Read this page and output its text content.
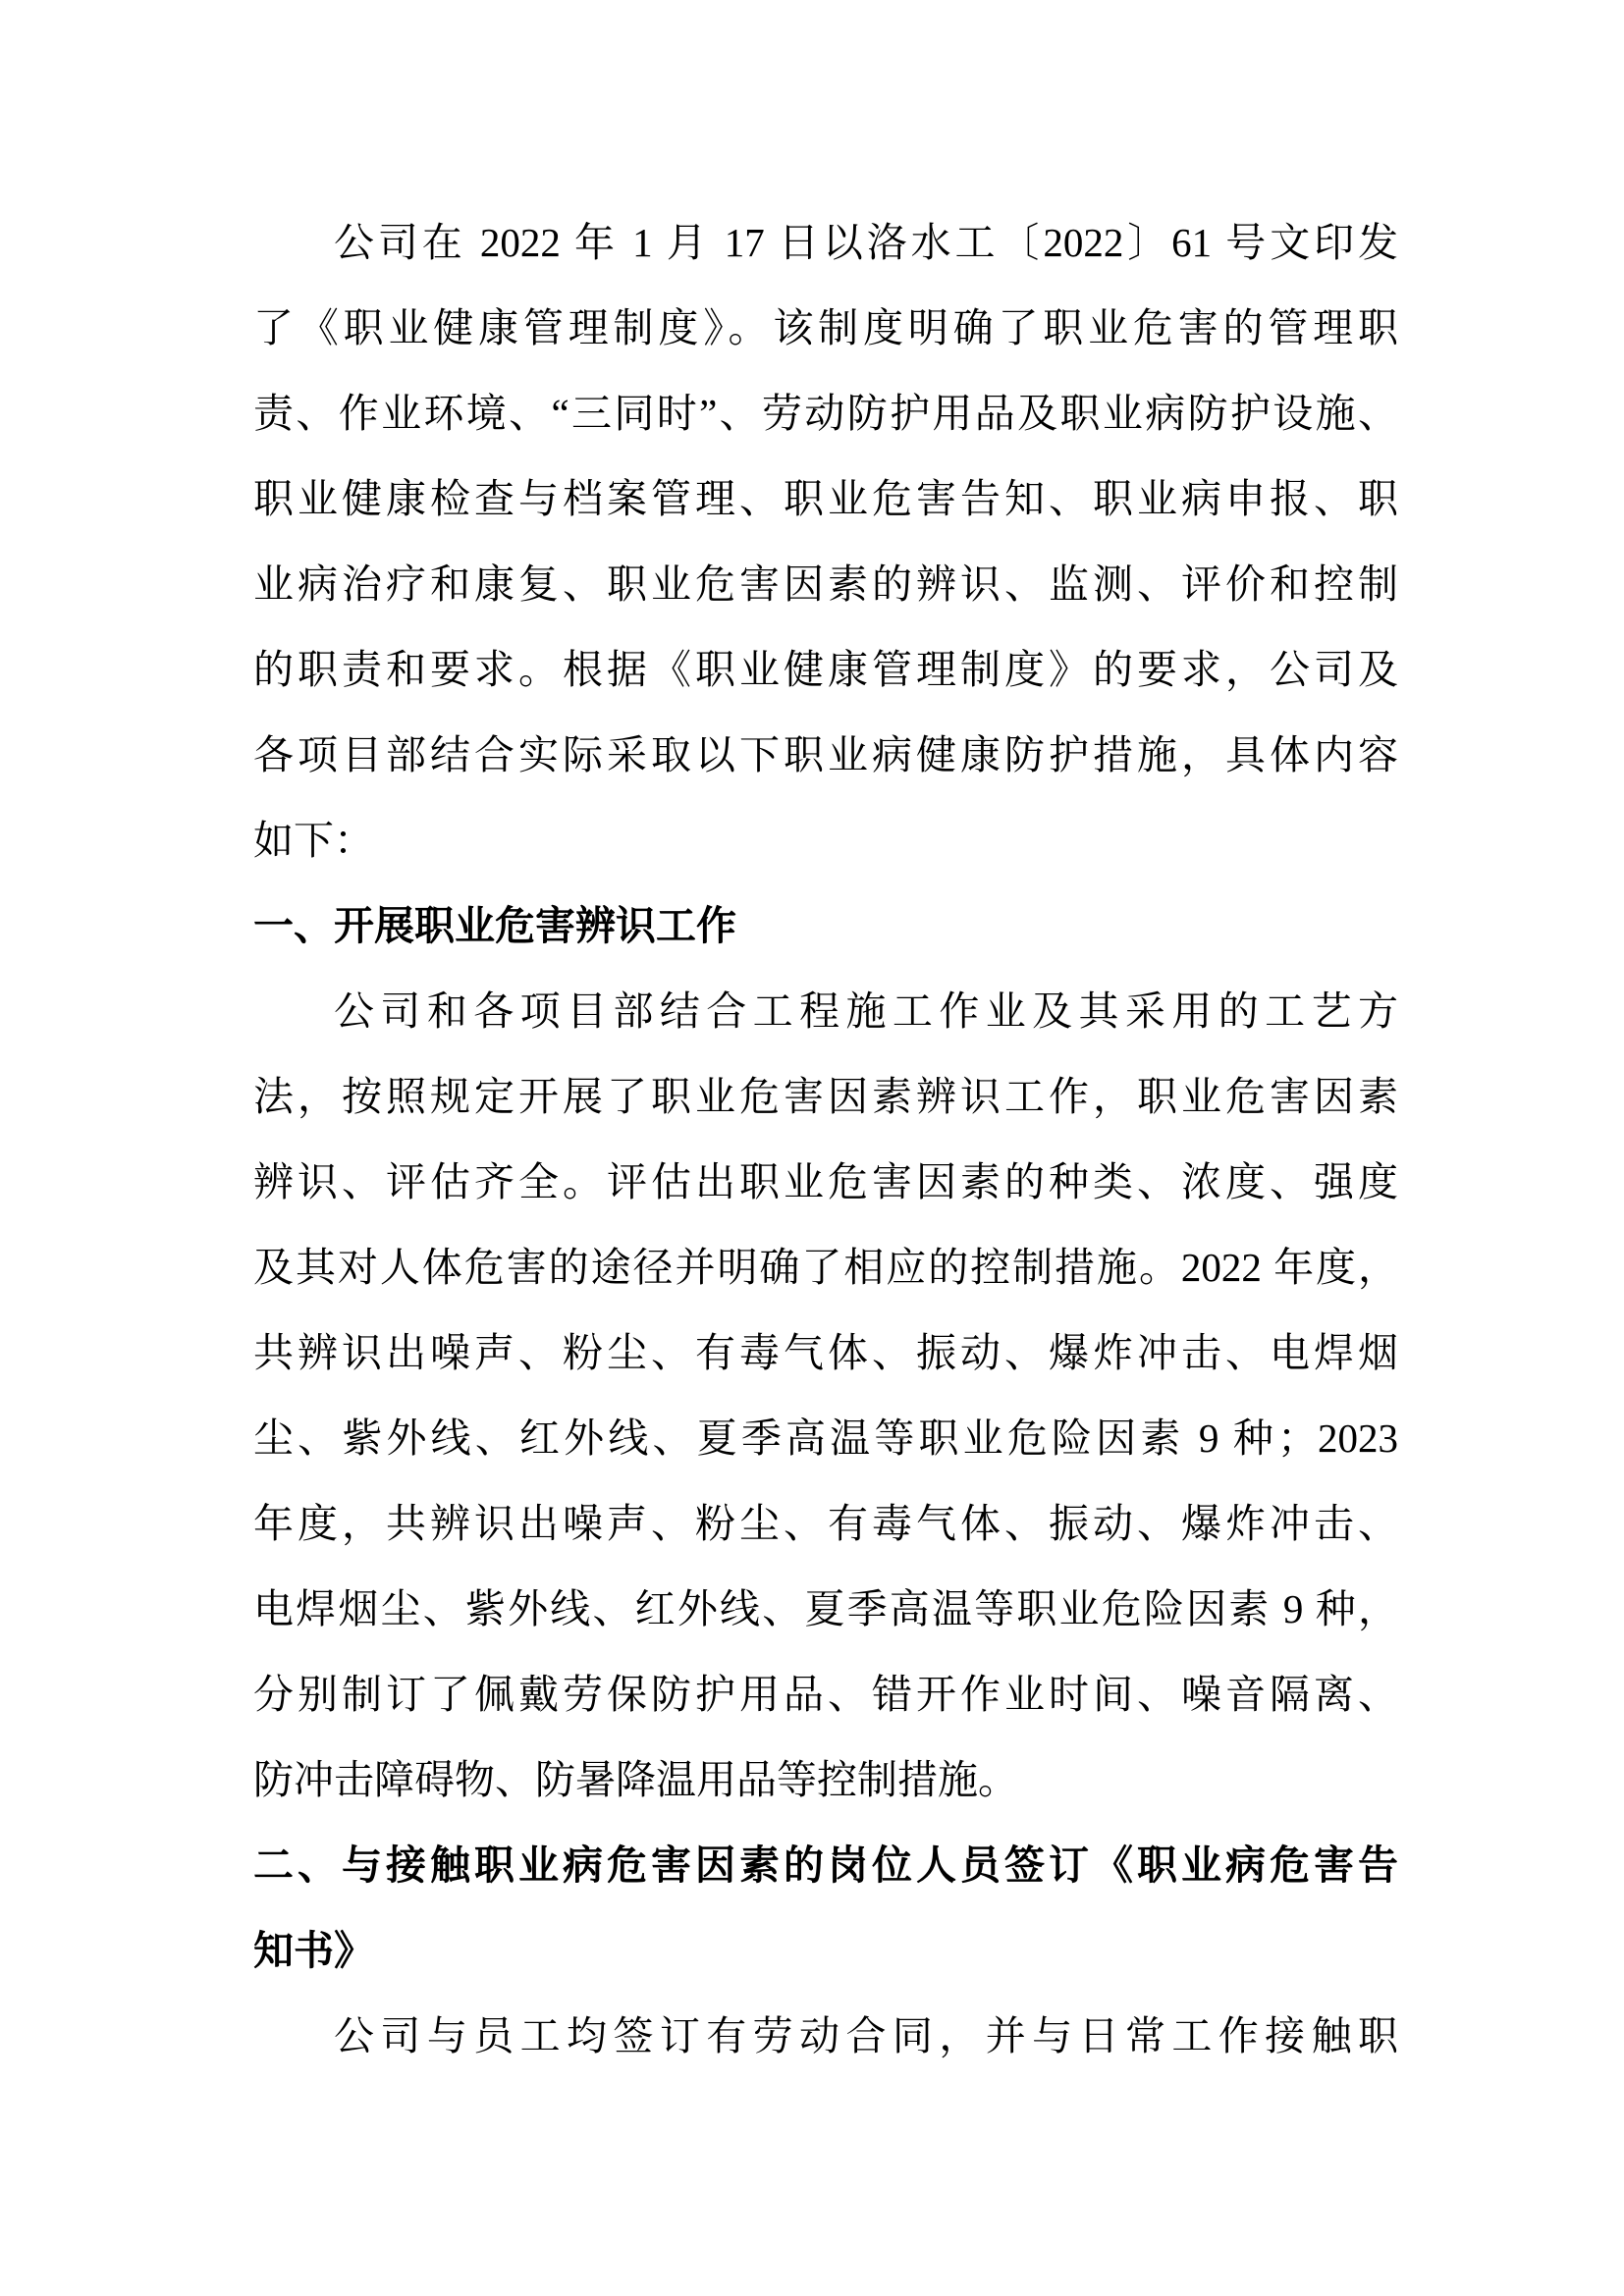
公司在 2022 年 1 月 17 日以洛水工〔2022〕61 号文印发
了《职业健康管理制度》。该制度明确了职业危害的管理职
责、作业环境、“三同时”、劳动防护用品及职业病防护设施、
职业健康检查与档案管理、职业危害告知、职业病申报、职
业病治疗和康复、职业危害因素的辨识、监测、评价和控制
的职责和要求。根据《职业健康管理制度》的要求，公司及
各项目部结合实际采取以下职业病健康防护措施，具体内容
如下：
一、开展职业危害辨识工作
公司和各项目部结合工程施工作业及其采用的工艺方
法，按照规定开展了职业危害因素辨识工作，职业危害因素
辨识、评估齐全。评估出职业危害因素的种类、浓度、强度
及其对人体危害的途径并明确了相应的控制措施。2022 年度，
共辨识出噪声、粉尘、有毒气体、振动、爆炸冲击、电焊烟
尘、紫外线、红外线、夏季高温等职业危险因素 9 种；2023
年度，共辨识出噪声、粉尘、有毒气体、振动、爆炸冲击、
电焊烟尘、紫外线、红外线、夏季高温等职业危险因素 9 种，
分别制订了佩戴劳保防护用品、错开作业时间、噪音隔离、
防冲击障碍物、防暑降温用品等控制措施。
二、与接触职业病危害因素的岗位人员签订《职业病危害告
知书》
公司与员工均签订有劳动合同，并与日常工作接触职
